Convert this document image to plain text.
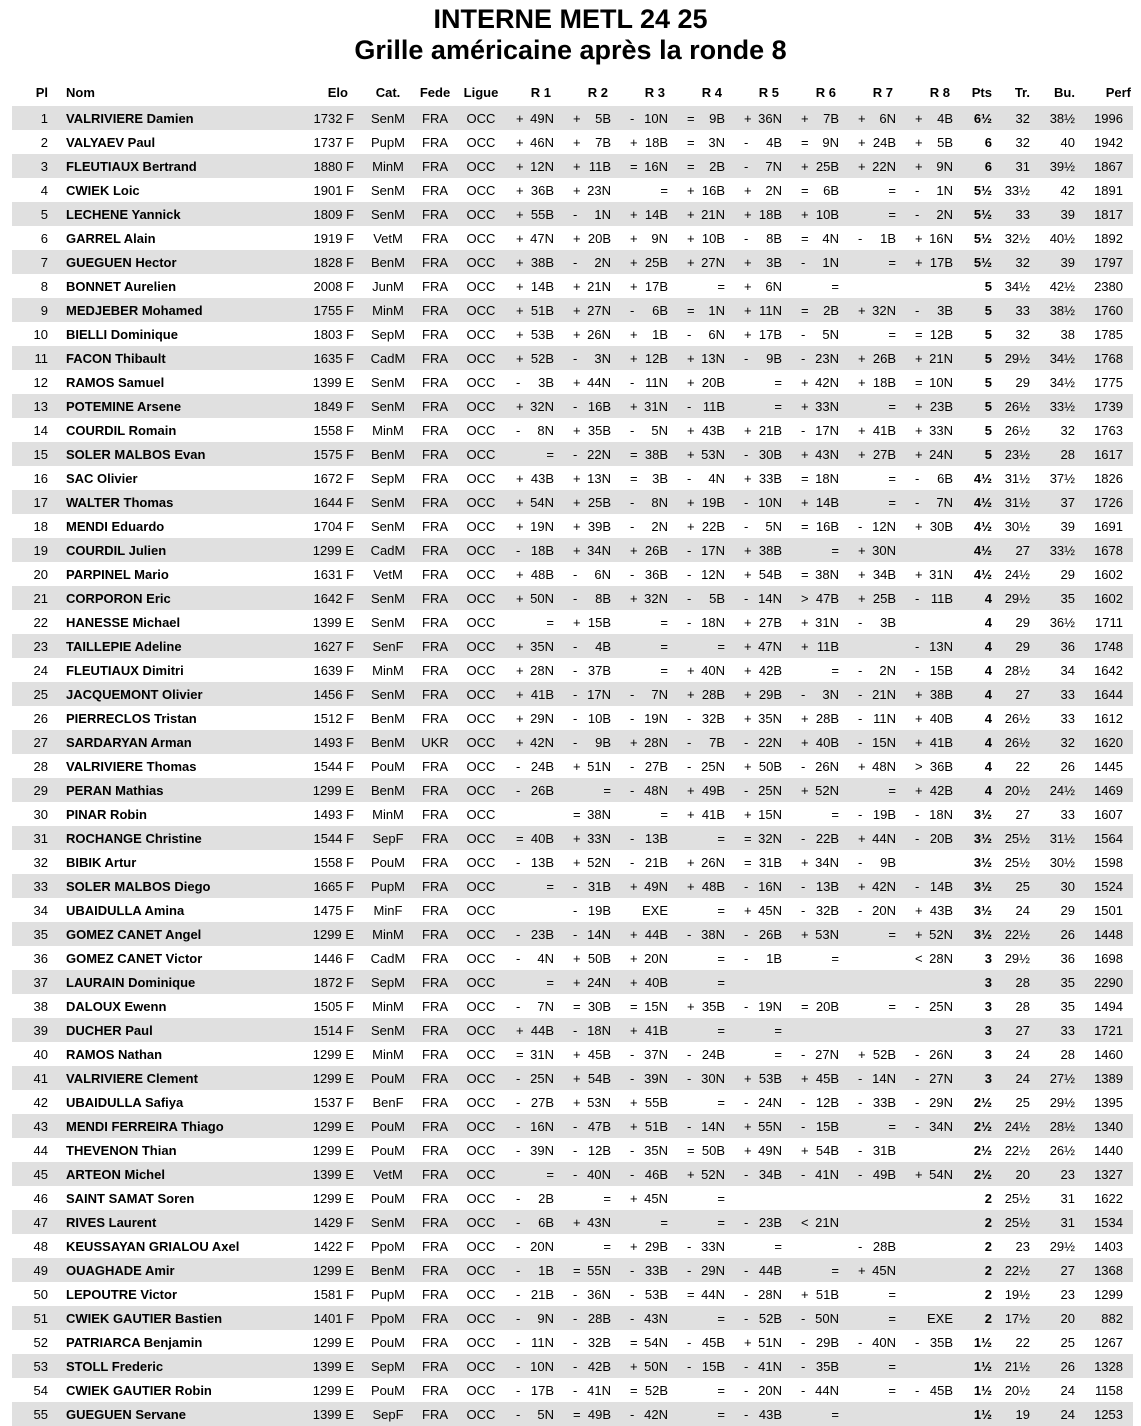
INTERNE METL 24 25
Grille américaine après la ronde 8
Pl	Nom	Elo	Cat.	Fede	Ligue	R 1	R 2	R 3	R 4	R 5	R 6	R 7	R 8	Pts	Tr.	Bu.	Perf
1	VALRIVIERE Damien	1732 F	SenM	FRA	OCC	+ 49N	+ 5B	- 10N	= 9B	+ 36N	+ 7B	+ 6N	+ 4B	6½	32	38½	1996
2	VALYAEV Paul	1737 F	PupM	FRA	OCC	+ 46N	+ 7B	+ 18B	= 3N	- 4B	= 9N	+ 24B	+ 5B	6	32	40	1942
3	FLEUTIAUX Bertrand	1880 F	MinM	FRA	OCC	+ 12N	+ 11B	= 16N	= 2B	- 7N	+ 25B	+ 22N	+ 9N	6	31	39½	1867
4	CWIEK Loic	1901 F	SenM	FRA	OCC	+ 36B	+ 23N	=	+ 16B	+ 2N	= 6B	=	- 1N	5½	33½	42	1891
5	LECHENE Yannick	1809 F	SenM	FRA	OCC	+ 55B	- 1N	+ 14B	+ 21N	+ 18B	+ 10B	=	- 2N	5½	33	39	1817
6	GARREL Alain	1919 F	VetM	FRA	OCC	+ 47N	+ 20B	+ 9N	+ 10B	- 8B	= 4N	- 1B	+ 16N	5½	32½	40½	1892
7	GUEGUEN Hector	1828 F	BenM	FRA	OCC	+ 38B	- 2N	+ 25B	+ 27N	+ 3B	- 1N	=	+ 17B	5½	32	39	1797
8	BONNET Aurelien	2008 F	JunM	FRA	OCC	+ 14B	+ 21N	+ 17B	=	+ 6N	=			5	34½	42½	2380
9	MEDJEBER Mohamed	1755 F	MinM	FRA	OCC	+ 51B	+ 27N	- 6B	= 1N	+ 11N	= 2B	+ 32N	- 3B	5	33	38½	1760
10	BIELLI Dominique	1803 F	SepM	FRA	OCC	+ 53B	+ 26N	+ 1B	- 6N	+ 17B	- 5N	=	= 12B	5	32	38	1785
11	FACON Thibault	1635 F	CadM	FRA	OCC	+ 52B	- 3N	+ 12B	+ 13N	- 9B	- 23N	+ 26B	+ 21N	5	29½	34½	1768
12	RAMOS Samuel	1399 E	SenM	FRA	OCC	- 3B	+ 44N	- 11N	+ 20B	=	+ 42N	+ 18B	= 10N	5	29	34½	1775
13	POTEMINE Arsene	1849 F	SenM	FRA	OCC	+ 32N	- 16B	+ 31N	- 11B	=	+ 33N	=	+ 23B	5	26½	33½	1739
14	COURDIL Romain	1558 F	MinM	FRA	OCC	- 8N	+ 35B	- 5N	+ 43B	+ 21B	- 17N	+ 41B	+ 33N	5	26½	32	1763
15	SOLER MALBOS Evan	1575 F	BenM	FRA	OCC	=	- 22N	= 38B	+ 53N	- 30B	+ 43N	+ 27B	+ 24N	5	23½	28	1617
16	SAC Olivier	1672 F	SepM	FRA	OCC	+ 43B	+ 13N	= 3B	- 4N	+ 33B	= 18N	=	- 6B	4½	31½	37½	1826
17	WALTER Thomas	1644 F	SenM	FRA	OCC	+ 54N	+ 25B	- 8N	+ 19B	- 10N	+ 14B	=	- 7N	4½	31½	37	1726
18	MENDI Eduardo	1704 F	SenM	FRA	OCC	+ 19N	+ 39B	- 2N	+ 22B	- 5N	= 16B	- 12N	+ 30B	4½	30½	39	1691
19	COURDIL Julien	1299 E	CadM	FRA	OCC	- 18B	+ 34N	+ 26B	- 17N	+ 38B	=	+ 30N		4½	27	33½	1678
20	PARPINEL Mario	1631 F	VetM	FRA	OCC	+ 48B	- 6N	- 36B	- 12N	+ 54B	= 38N	+ 34B	+ 31N	4½	24½	29	1602
21	CORPORON Eric	1642 F	SenM	FRA	OCC	+ 50N	- 8B	+ 32N	- 5B	- 14N	> 47B	+ 25B	- 11B	4	29½	35	1602
22	HANESSE Michael	1399 E	SenM	FRA	OCC	=	+ 15B	=	- 18N	+ 27B	+ 31N	- 3B		4	29	36½	1711
23	TAILLEPIE Adeline	1627 F	SenF	FRA	OCC	+ 35N	- 4B	=	=	+ 47N	+ 11B		- 13N	4	29	36	1748
24	FLEUTIAUX Dimitri	1639 F	MinM	FRA	OCC	+ 28N	- 37B	=	+ 40N	+ 42B	=	- 2N	- 15B	4	28½	34	1642
25	JACQUEMONT Olivier	1456 F	SenM	FRA	OCC	+ 41B	- 17N	- 7N	+ 28B	+ 29B	- 3N	- 21N	+ 38B	4	27	33	1644
26	PIERRECLOS Tristan	1512 F	BenM	FRA	OCC	+ 29N	- 10B	- 19N	- 32B	+ 35N	+ 28B	- 11N	+ 40B	4	26½	33	1612
27	SARDARYAN Arman	1493 F	BenM	UKR	OCC	+ 42N	- 9B	+ 28N	- 7B	- 22N	+ 40B	- 15N	+ 41B	4	26½	32	1620
28	VALRIVIERE Thomas	1544 F	PouM	FRA	OCC	- 24B	+ 51N	- 27B	- 25N	+ 50B	- 26N	+ 48N	> 36B	4	22	26	1445
29	PERAN Mathias	1299 E	BenM	FRA	OCC	- 26B	=	- 48N	+ 49B	- 25N	+ 52N	=	+ 42B	4	20½	24½	1469
30	PINAR Robin	1493 F	MinM	FRA	OCC		= 38N	=	+ 41B	+ 15N	=	- 19B	- 18N	3½	27	33	1607
31	ROCHANGE Christine	1544 F	SepF	FRA	OCC	= 40B	+ 33N	- 13B	=	= 32N	- 22B	+ 44N	- 20B	3½	25½	31½	1564
32	BIBIK Artur	1558 F	PouM	FRA	OCC	- 13B	+ 52N	- 21B	+ 26N	= 31B	+ 34N	- 9B		3½	25½	30½	1598
33	SOLER MALBOS Diego	1665 F	PupM	FRA	OCC	=	- 31B	+ 49N	+ 48B	- 16N	- 13B	+ 42N	- 14B	3½	25	30	1524
34	UBAIDULLA Amina	1475 F	MinF	FRA	OCC		- 19B	EXE	=	+ 45N	- 32B	- 20N	+ 43B	3½	24	29	1501
35	GOMEZ CANET Angel	1299 E	MinM	FRA	OCC	- 23B	- 14N	+ 44B	- 38N	- 26B	+ 53N	=	+ 52N	3½	22½	26	1448
36	GOMEZ CANET Victor	1446 F	CadM	FRA	OCC	- 4N	+ 50B	+ 20N	=	- 1B	=		< 28N	3	29½	36	1698
37	LAURAIN Dominique	1872 F	SepM	FRA	OCC	=	+ 24N	+ 40B	=					3	28	35	2290
38	DALOUX Ewenn	1505 F	MinM	FRA	OCC	- 7N	= 30B	= 15N	+ 35B	- 19N	= 20B	=	- 25N	3	28	35	1494
39	DUCHER Paul	1514 F	SenM	FRA	OCC	+ 44B	- 18N	+ 41B	=	=				3	27	33	1721
40	RAMOS Nathan	1299 E	MinM	FRA	OCC	= 31N	+ 45B	- 37N	- 24B	=	- 27N	+ 52B	- 26N	3	24	28	1460
41	VALRIVIERE Clement	1299 E	PouM	FRA	OCC	- 25N	+ 54B	- 39N	- 30N	+ 53B	+ 45B	- 14N	- 27N	3	24	27½	1389
42	UBAIDULLA Safiya	1537 F	BenF	FRA	OCC	- 27B	+ 53N	+ 55B	=	- 24N	- 12B	- 33B	- 29N	2½	25	29½	1395
43	MENDI FERREIRA Thiago	1299 E	PouM	FRA	OCC	- 16N	- 47B	+ 51B	- 14N	+ 55N	- 15B	=	- 34N	2½	24½	28½	1340
44	THEVENON Thian	1299 E	PouM	FRA	OCC	- 39N	- 12B	- 35N	= 50B	+ 49N	+ 54B	- 31B		2½	22½	26½	1440
45	ARTEON Michel	1399 E	VetM	FRA	OCC	=	- 40N	- 46B	+ 52N	- 34B	- 41N	- 49B	+ 54N	2½	20	23	1327
46	SAINT SAMAT Soren	1299 E	PouM	FRA	OCC	- 2B	=	+ 45N	=					2	25½	31	1622
47	RIVES Laurent	1429 F	SenM	FRA	OCC	- 6B	+ 43N	=	=	- 23B	< 21N			2	25½	31	1534
48	KEUSSAYAN GRIALOU Axel	1422 F	PpoM	FRA	OCC	- 20N	=	+ 29B	- 33N	=		- 28B		2	23	29½	1403
49	OUAGHADE Amir	1299 E	BenM	FRA	OCC	- 1B	= 55N	- 33B	- 29N	- 44B	=	+ 45N		2	22½	27	1368
50	LEPOUTRE Victor	1581 F	PupM	FRA	OCC	- 21B	- 36N	- 53B	= 44N	- 28N	+ 51B	=		2	19½	23	1299
51	CWIEK GAUTIER Bastien	1401 F	PpoM	FRA	OCC	- 9N	- 28B	- 43N	=	- 52B	- 50N	=	EXE	2	17½	20	882
52	PATRIARCA Benjamin	1299 E	PouM	FRA	OCC	- 11N	- 32B	= 54N	- 45B	+ 51N	- 29B	- 40N	- 35B	1½	22	25	1267
53	STOLL Frederic	1399 E	SepM	FRA	OCC	- 10N	- 42B	+ 50N	- 15B	- 41N	- 35B	=		1½	21½	26	1328
54	CWIEK GAUTIER Robin	1299 E	PouM	FRA	OCC	- 17B	- 41N	= 52B	=	- 20N	- 44N	=	- 45B	1½	20½	24	1158
55	GUEGUEN Servane	1399 E	SepF	FRA	OCC	- 5N	= 49B	- 42N	=	- 43B	=			1½	19	24	1253
